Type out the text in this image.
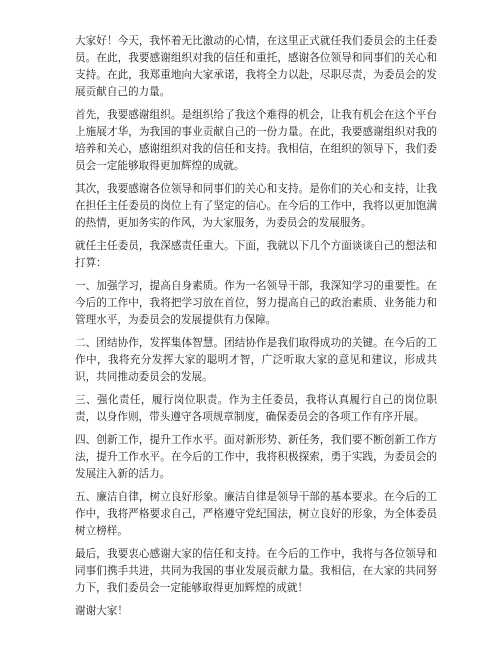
大家好！今天，我怀着无比激动的心情，在这里正式就任我们委员会的主任委员。在此，我要感谢组织对我的信任和重托，感谢各位领导和同事们的关心和支持。在此，我郑重地向大家承诺，我将全力以赴，尽职尽责，为委员会的发展贡献自己的力量。

首先，我要感谢组织。是组织给了我这个难得的机会，让我有机会在这个平台上施展才华，为我国的事业贡献自己的一份力量。在此，我要感谢组织对我的培养和关心，感谢组织对我的信任和支持。我相信，在组织的领导下，我们委员会一定能够取得更加辉煌的成就。

其次，我要感谢各位领导和同事们的关心和支持。是你们的关心和支持，让我在担任主任委员的岗位上有了坚定的信心。在今后的工作中，我将以更加饱满的热情，更加务实的作风，为大家服务，为委员会的发展服务。

就任主任委员，我深感责任重大。下面，我就以下几个方面谈谈自己的想法和打算：

一、加强学习，提高自身素质。作为一名领导干部，我深知学习的重要性。在今后的工作中，我将把学习放在首位，努力提高自己的政治素质、业务能力和管理水平，为委员会的发展提供有力保障。

二、团结协作，发挥集体智慧。团结协作是我们取得成功的关键。在今后的工作中，我将充分发挥大家的聪明才智，广泛听取大家的意见和建议，形成共识，共同推动委员会的发展。

三、强化责任，履行岗位职责。作为主任委员，我将认真履行自己的岗位职责，以身作则，带头遵守各项规章制度，确保委员会的各项工作有序开展。

四、创新工作，提升工作水平。面对新形势、新任务，我们要不断创新工作方法，提升工作水平。在今后的工作中，我将积极探索，勇于实践，为委员会的发展注入新的活力。

五、廉洁自律，树立良好形象。廉洁自律是领导干部的基本要求。在今后的工作中，我将严格要求自己，严格遵守党纪国法，树立良好的形象，为全体委员树立榜样。

最后，我要衷心感谢大家的信任和支持。在今后的工作中，我将与各位领导和同事们携手共进，共同为我国的事业发展贡献力量。我相信，在大家的共同努力下，我们委员会一定能够取得更加辉煌的成就！

谢谢大家！
